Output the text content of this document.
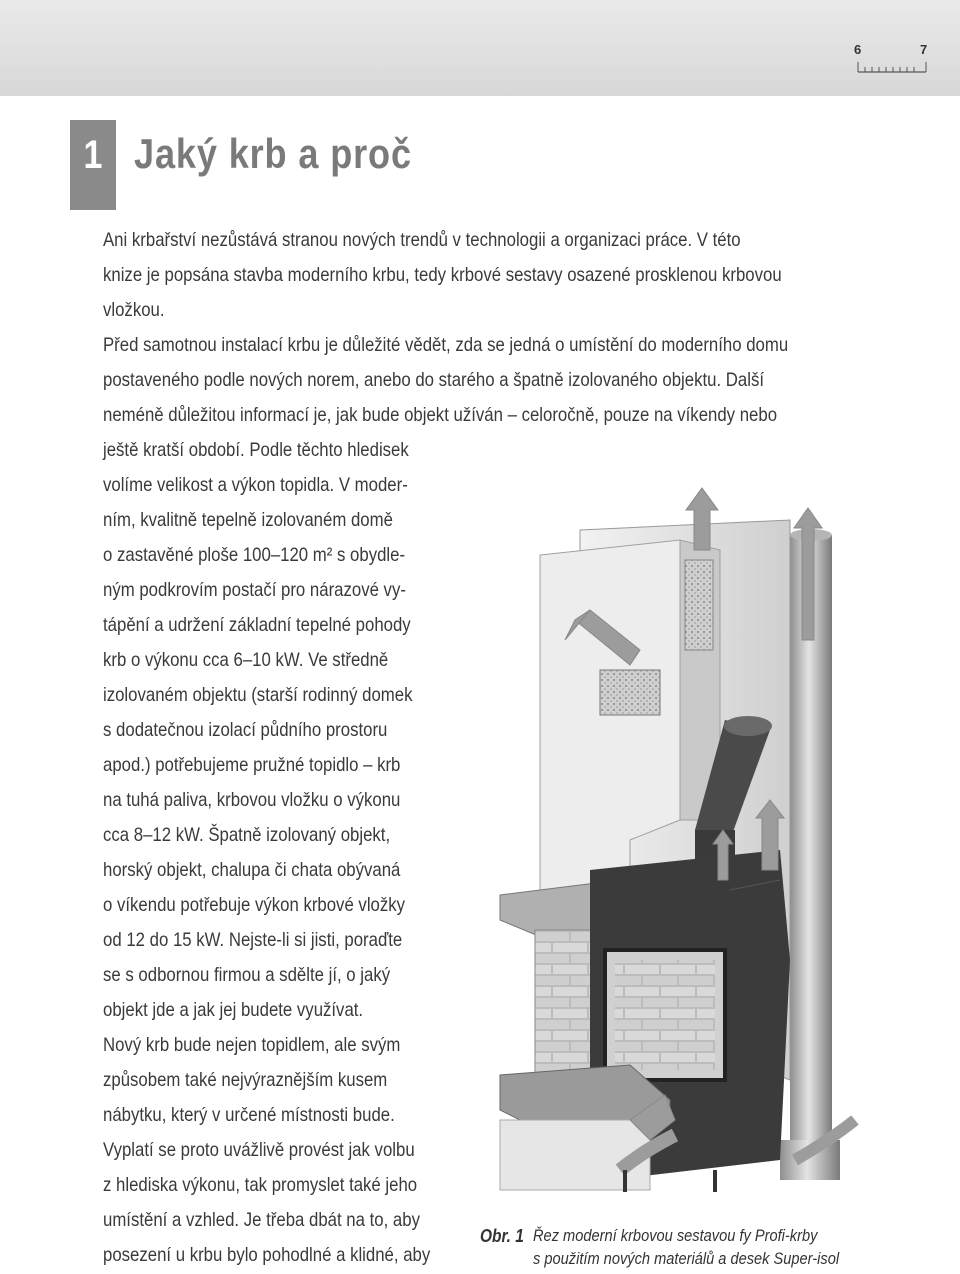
6	7
1 Jaký krb a proč
Ani krbařství nezůstává stranou nových trendů v technologii a organizaci práce. V této
knize je popsána stavba moderního krbu, tedy krbové sestavy osazené prosklenou krbovou
vložkou.
Před samotnou instalací krbu je důležité vědět, zda se jedná o umístění do moderního domu
postaveného podle nových norem, anebo do starého a špatně izolovaného objektu. Další
neméně důležitou informací je, jak bude objekt užíván – celoročně, pouze na víkendy nebo
ještě kratší období. Podle těchto hledisek
volíme velikost a výkon topidla. V moder-
ním, kvalitně tepelně izolovaném domě
o zastavěné ploše 100–120 m² s obydle-
ným podkrovím postačí pro nárazové vy-
tápění a udržení základní tepelné pohody
krb o výkonu cca 6–10 kW. Ve středně
izolovaném objektu (starší rodinný domek
s dodatečnou izolací půdního prostoru
apod.) potřebujeme pružné topidlo – krb
na tuhá paliva, krbovou vložku o výkonu
cca 8–12 kW. Špatně izolovaný objekt,
horský objekt, chalupa či chata obývaná
o víkendu potřebuje výkon krbové vložky
od 12 do 15 kW. Nejste-li si jisti, poraďte
se s odbornou firmou a sdělte jí, o jaký
objekt jde a jak jej budete využívat.
Nový krb bude nejen topidlem, ale svým
způsobem také nejvýraznějším kusem
nábytku, který v určené místnosti bude.
Vyplatí se proto uvážlivě provést jak volbu
z hlediska výkonu, tak promyslet také jeho
umístění a vzhled. Je třeba dbát na to, aby
posezení u krbu bylo pohodlné a klidné, aby
Obr. 1 Řez moderní krbovou sestavou fy Profi-krby
s použitím nových materiálů a desek Super-isol
